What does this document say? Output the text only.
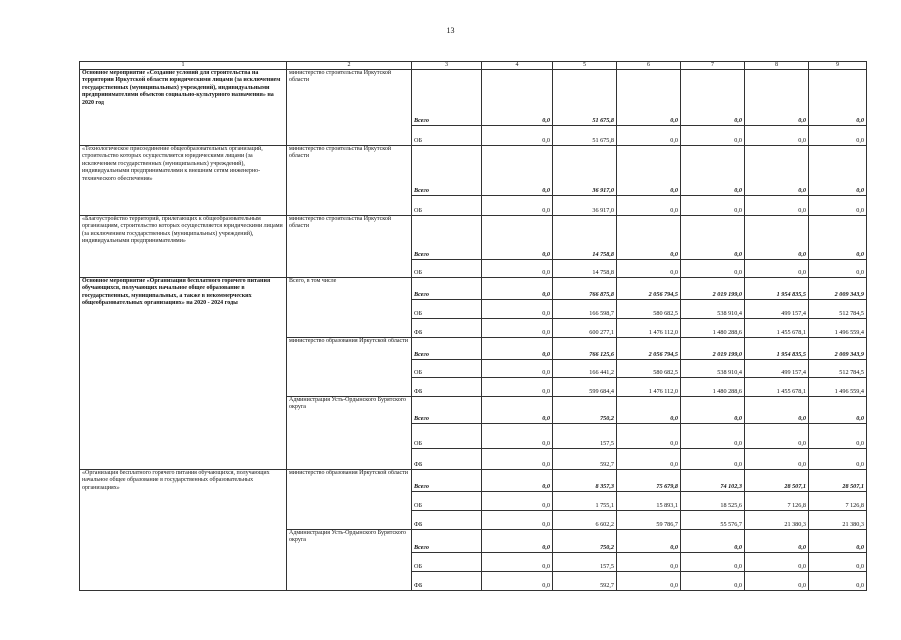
13
1	2	3	4	5	6	7	8	9
Основное мероприятие «Создание условий для строительства на территории Иркутской области юридическими лицами (за исключением государственных (муниципальных) учреждений), индивидуальными предпринимателями объектов социально-культурного назначения» на 2020 год	министерство строительства Иркутской области	Всего	0,0	51 675,8	0,0	0,0	0,0	0,0
		ОБ	0,0	51 675,8	0,0	0,0	0,0	0,0
«Технологическое присоединение общеобразовательных организаций, строительство которых осуществляется юридическими лицами (за исключением государственных (муниципальных) учреждений), индивидуальными предпринимателями к внешним сетям инженерно-технического обеспечения»	министерство строительства Иркутской области	Всего	0,0	36 917,0	0,0	0,0	0,0	0,0
		ОБ	0,0	36 917,0	0,0	0,0	0,0	0,0
«Благоустройство территорий, прилегающих к общеобразовательным организациям, строительство которых осуществляется юридическими лицами (за исключением государственных (муниципальных) учреждений), индивидуальными предпринимателями»	министерство строительства Иркутской области	Всего	0,0	14 758,8	0,0	0,0	0,0	0,0
		ОБ	0,0	14 758,8	0,0	0,0	0,0	0,0
Основное мероприятие «Организация бесплатного горячего питания обучающихся, получающих начальное общее образование в государственных, муниципальных, а также в некоммерческих общеобразовательных организациях» на 2020 - 2024 годы	Всего, в том числе	Всего	0,0	766 875,8	2 056 794,5	2 019 199,0	1 954 835,5	2 009 343,9
		ОБ	0,0	166 598,7	580 682,5	538 910,4	499 157,4	512 784,5
		ФБ	0,0	600 277,1	1 476 112,0	1 480 288,6	1 455 678,1	1 496 559,4
	министерство образования Иркутской области	Всего	0,0	766 125,6	2 056 794,5	2 019 199,0	1 954 835,5	2 009 343,9
		ОБ	0,0	166 441,2	580 682,5	538 910,4	499 157,4	512 784,5
		ФБ	0,0	599 684,4	1 476 112,0	1 480 288,6	1 455 678,1	1 496 559,4
	Администрация Усть-Ордынского Бурятского округа	Всего	0,0	750,2	0,0	0,0	0,0	0,0
		ОБ	0,0	157,5	0,0	0,0	0,0	0,0
		ФБ	0,0	592,7	0,0	0,0	0,0	0,0
«Организация бесплатного горячего питания обучающихся, получающих начальное общее образование в государственных образовательных организациях»	министерство образования Иркутской области	Всего	0,0	8 357,3	75 679,8	74 102,3	28 507,1	28 507,1
		ОБ	0,0	1 755,1	15 893,1	18 525,6	7 126,8	7 126,8
		ФБ	0,0	6 602,2	59 786,7	55 576,7	21 380,3	21 380,3
	Администрация Усть-Ордынского Бурятского округа	Всего	0,0	750,2	0,0	0,0	0,0	0,0
		ОБ	0,0	157,5	0,0	0,0	0,0	0,0
		ФБ	0,0	592,7	0,0	0,0	0,0	0,0
